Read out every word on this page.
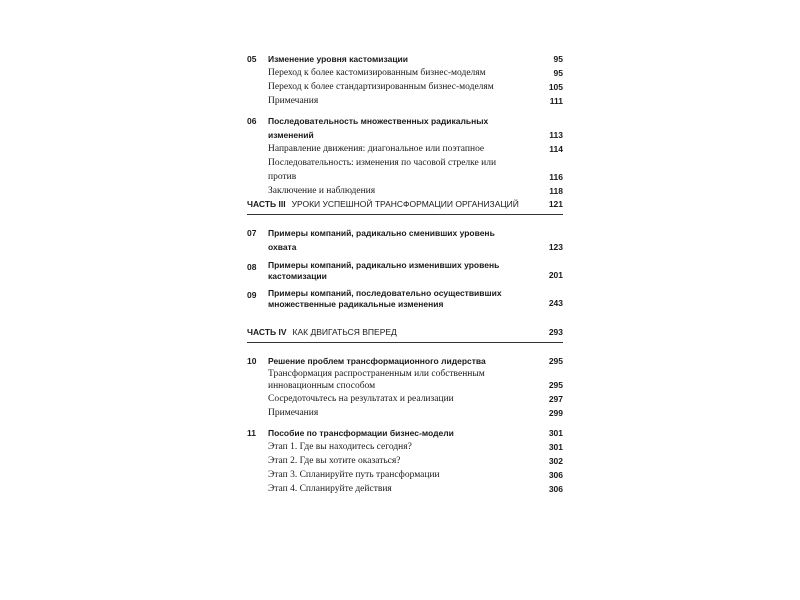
05	Изменение уровня кастомизации	95
Переход к более кастомизированным бизнес-моделям	95
Переход к более стандартизированным бизнес-моделям	105
Примечания	111
06	Последовательность множественных радикальных изменений	113
Направление движения: диагональное или поэтапное	114
Последовательность: изменения по часовой стрелке или против	116
Заключение и наблюдения	118
ЧАСТЬ III УРОКИ УСПЕШНОЙ ТРАНСФОРМАЦИИ ОРГАНИЗАЦИЙ	121
07	Примеры компаний, радикально сменивших уровень охвата	123
08	Примеры компаний, радикально изменивших уровень кастомизации	201
09	Примеры компаний, последовательно осуществивших множественные радикальные изменения	243
ЧАСТЬ IV КАК ДВИГАТЬСЯ ВПЕРЕД	293
10	Решение проблем трансформационного лидерства	295
Трансформация распространенным или собственным инновационным способом	295
Сосредоточьтесь на результатах и реализации	297
Примечания	299
11	Пособие по трансформации бизнес-модели	301
Этап 1. Где вы находитесь сегодня?	301
Этап 2. Где вы хотите оказаться?	302
Этап 3. Спланируйте путь трансформации	306
Этап 4. Спланируйте действия	306
